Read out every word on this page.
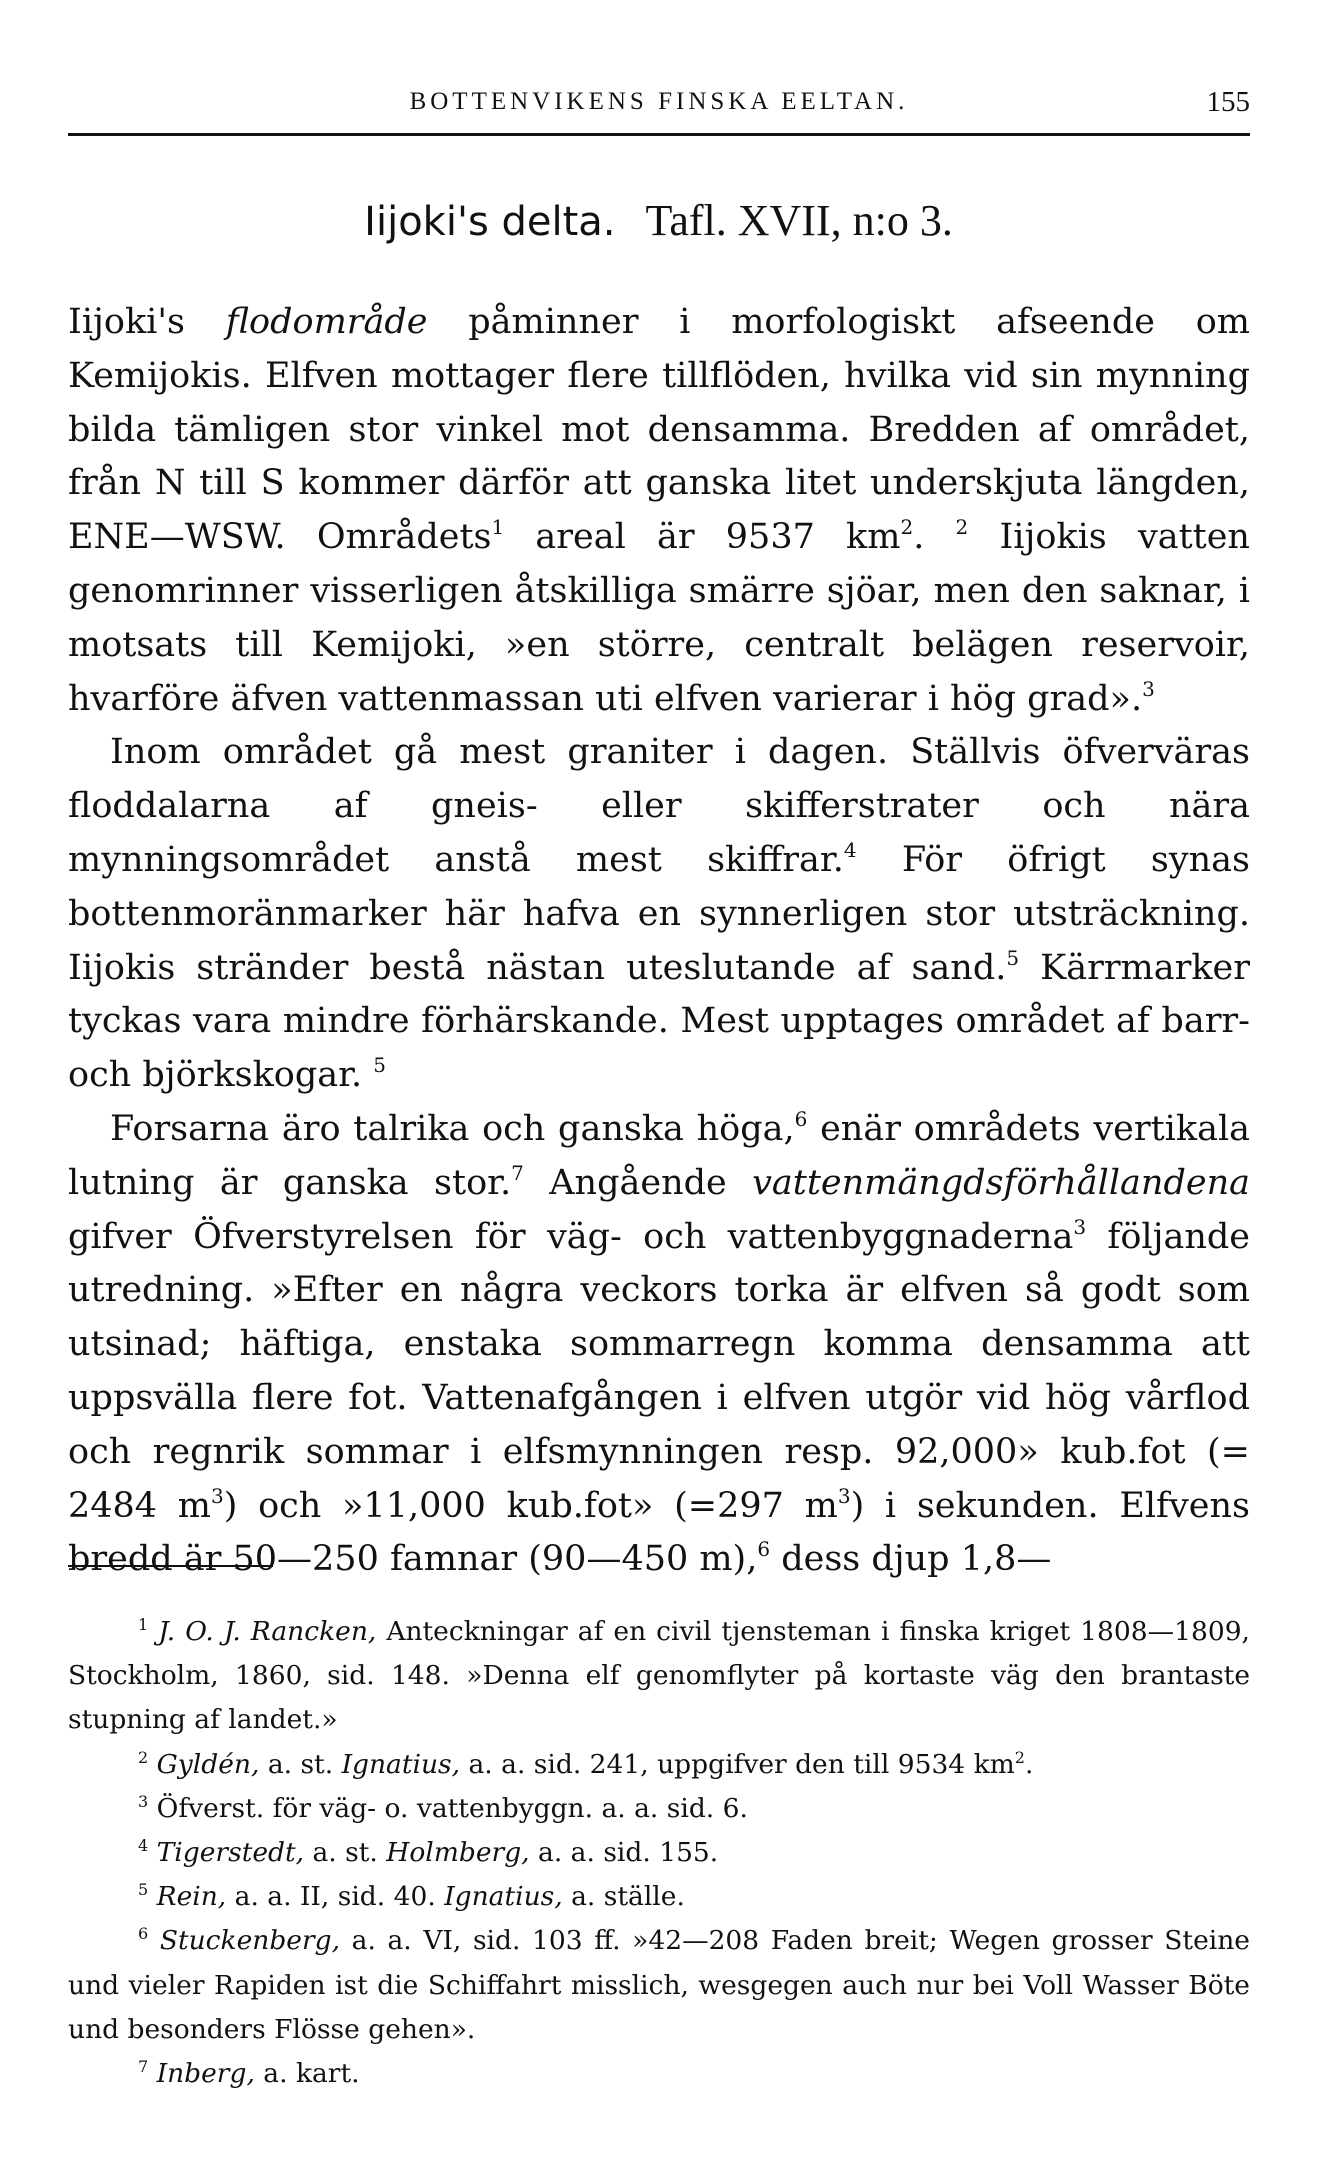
BOTTENVIKENS FINSKA EELTAN.	155
Iijoki's delta. Tafl. XVII, n:o 3.

Iijoki's flodområde påminner i morfologiskt afseende om Kemijokis. Elfven mottager flere tillflöden, hvilka vid sin mynning bilda tämligen stor vinkel mot densamma. Bredden af området, från N till S kommer därför att ganska litet underskjuta längden, ENE—WSW. Områdets$^1$ areal är 9537 $km^2$. $^2$ Iijokis vatten genomrinner visserligen åtskilliga smärre sjöar, men den saknar, i motsats till Kemijoki, »en större, centralt belägen reservoir, hvarföre äfven vattenmassan uti elfven varierar i hög grad».$^3$

  Inom området gå mest graniter i dagen. Ställvis öfverväras floddalarna af gneis- eller skifferstrater och nära mynningsområdet anstå mest skiffrar.$^4$ För öfrigt synas bottenmoränmarker här hafva en synnerligen stor utsträckning. Iijokis stränder bestå nästan uteslutande af sand.$^5$ Kärrmarker tyckas vara mindre förhärskande. Mest upptages området af barr- och björkskogar. $^5$

  Forsarna äro talrika och ganska höga,$^6$ enär områdets vertikala lutning är ganska stor.$^7$ Angående vattenmängdsförhållandena gifver Öfverstyrelsen för väg- och vattenbyggnaderna$^3$ följande utredning. »Efter en några veckors torka är elfven så godt som utsinad; häftiga, enstaka sommarregn komma densamma att uppsvälla flere fot. Vattenafgången i elfven utgör vid hög vårflod och regnrik sommar i elfsmynningen resp. 92,000» kub.fot (= 2484 $m^3$) och »11,000 kub.fot» (=297 $m^3$) i sekunden. Elfvens bredd är 50—250 famnar (90—450 m),$^6$ dess djup 1,8—

$^1$ J. O. J. Rancken, Anteckningar af en civil tjensteman i finska kriget 1808—1809, Stockholm, 1860, sid. 148. »Denna elf genomflyter på kortaste väg den brantaste stupning af landet.»

$^2$ Gyldén, a. st. Ignatius, a. a. sid. 241, uppgifver den till 9534 $km^2$.

$^3$ Öfverst. för väg- o. vattenbyggn. a. a. sid. 6.

$^4$ Tigerstedt, a. st. Holmberg, a. a. sid. 155.

$^5$ Rein, a. a. II, sid. 40. Ignatius, a. ställe.

$^6$ Stuckenberg, a. a. VI, sid. 103 ff. »42—208 Faden breit; Wegen grosser Steine und vieler Rapiden ist die Schiffahrt misslich, wesgegen auch nur bei Voll Wasser Böte und besonders Flösse gehen».

$^7$ Inberg, a. kart.
